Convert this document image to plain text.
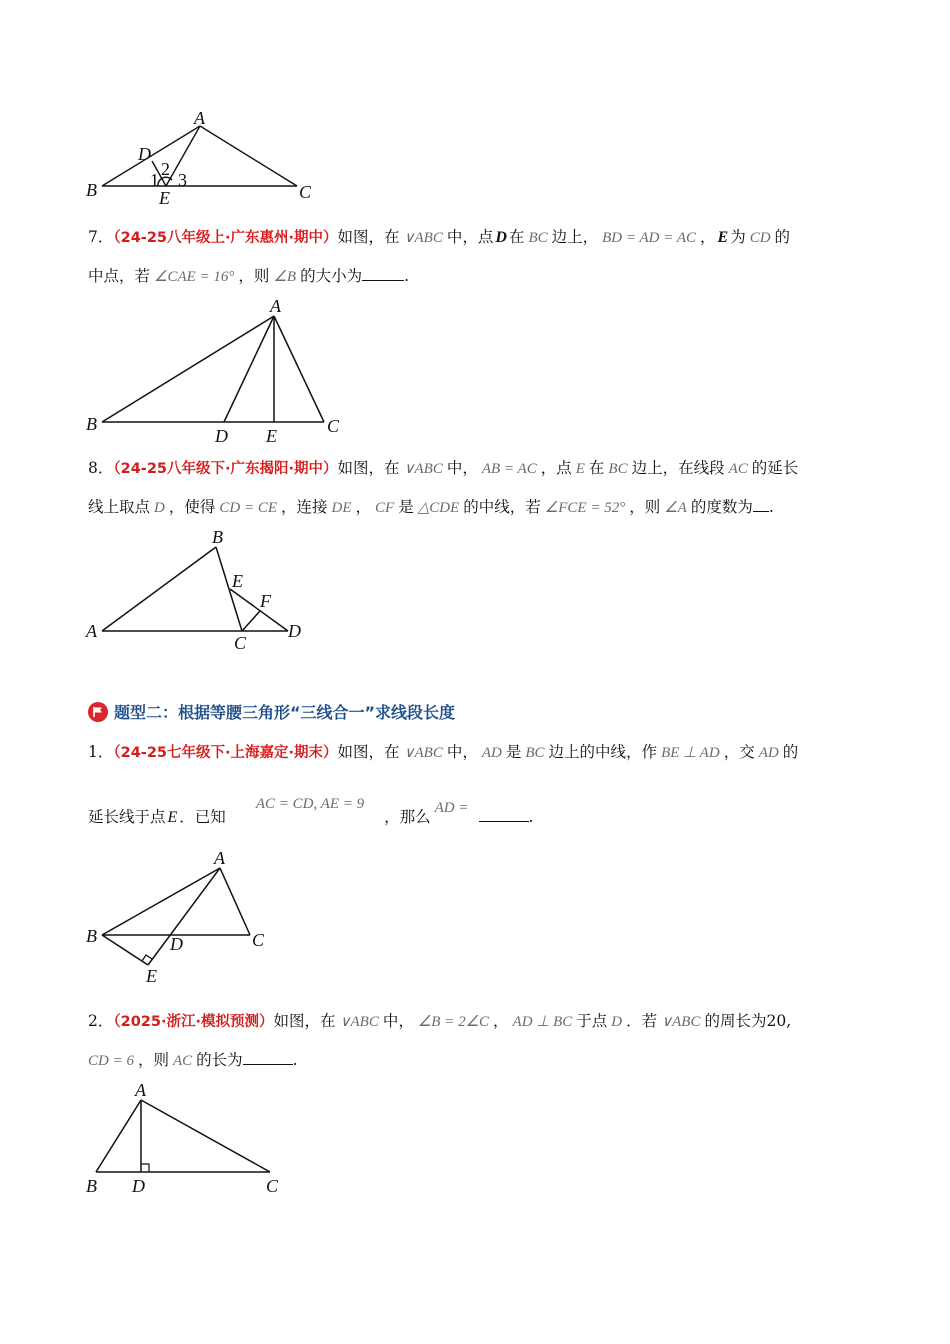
A
B	C
D
E
1
2
3
7．（24-25八年级上·广东惠州·期中）如图，在 ∨ABC 中，点 D 在 BC 边上， BD = AD = AC ， E 为 CD 的
中点，若 ∠CAE = 16° ，则 ∠B 的大小为	.
A
B	C
D E
8．（24-25八年级下·广东揭阳·期中）如图，在 ∨ABC 中， AB = AC ，点 E 在 BC 边上，在线段 AC 的延长
线上取点 D ，使得 CD = CE ，连接 DE ， CF 是 △CDE 的中线，若 ∠FCE = 52° ，则 ∠A 的度数为 .
B
A
C
D
E
F
题型二：根据等腰三角形“三线合一”求线段长度
1．（24-25七年级下·上海嘉定·期末）如图，在 ∨ABC 中， AD 是 BC 边上的中线，作 BE ⊥ AD ，交 AD 的
延长线于点 E ．已知AC = CD, AE = 9，那么 AD =	.
A
B	C
D
E
2．（2025·浙江·模拟预测）如图，在 ∨ABC 中， ∠B = 2∠C ， AD ⊥ BC 于点 D ．若 ∨ABC 的周长为20,
CD = 6 ，则 AC 的长为	.
A
B	C
D
